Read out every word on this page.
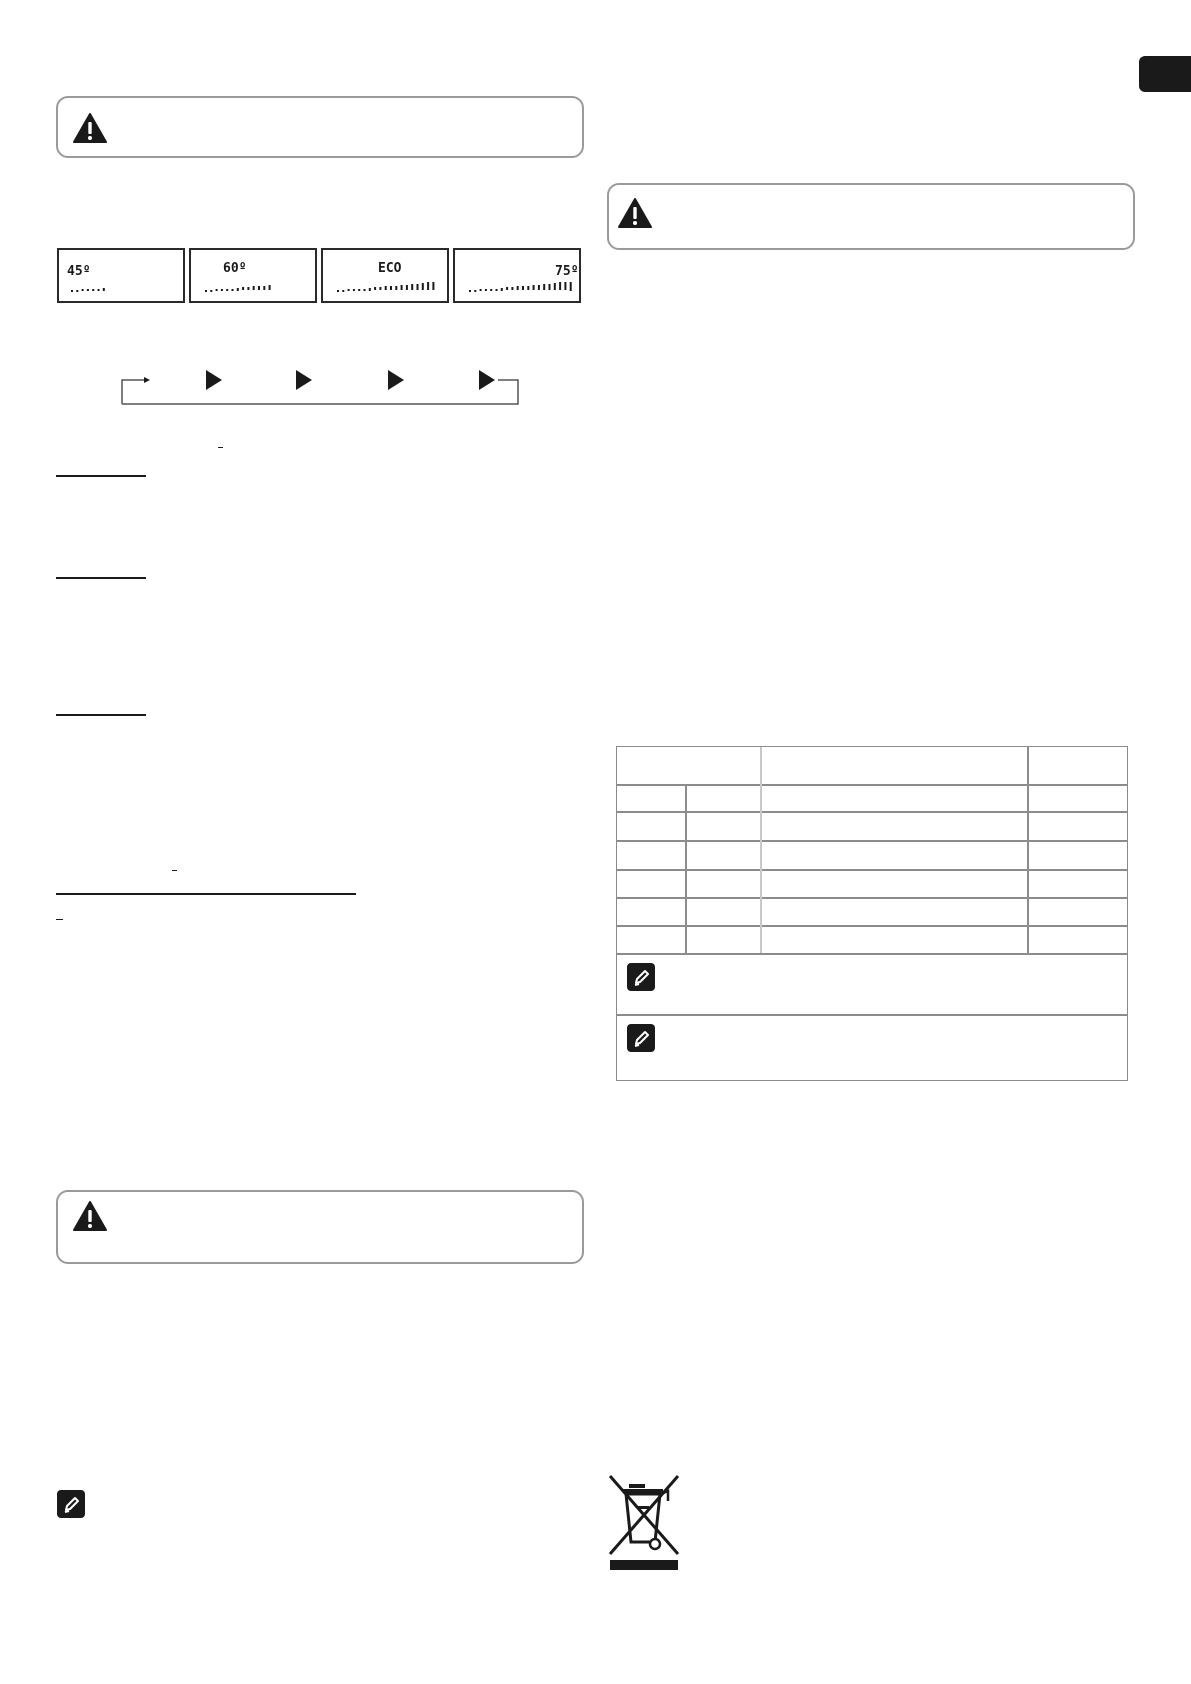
45º	60º	ECO	75º
